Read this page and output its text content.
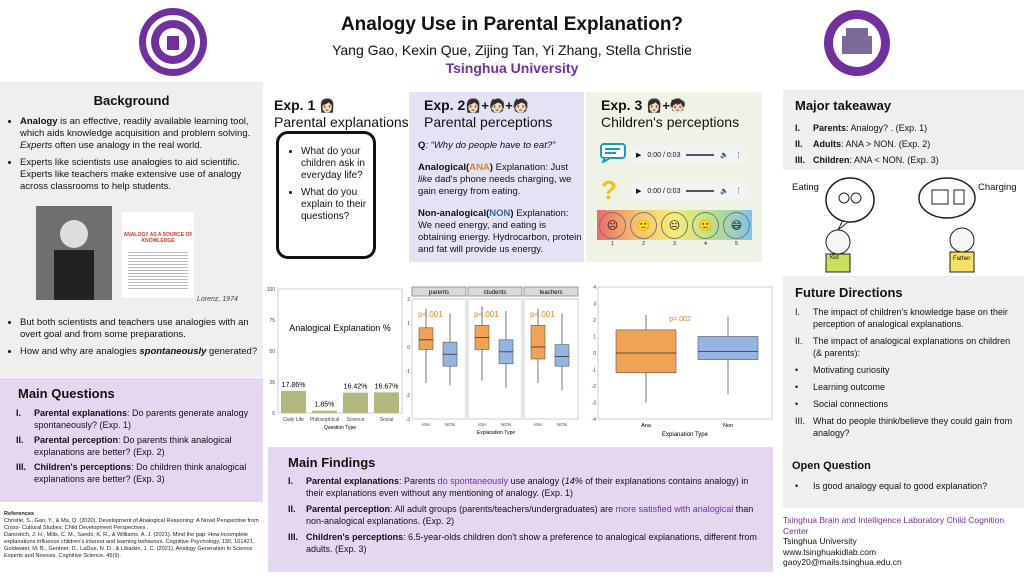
Analogy Use in Parental Explanation?
Yang Gao, Kexin Que, Zijing Tan, Yi Zhang, Stella Christie
Tsinghua University
Background
• Analogy is an effective, readily available learning tool, which aids knowledge acquisition and problem solving. Experts often use analogy in the real world.
• Experts like scientists use analogies to aid scientific. Experts like teachers make extensive use of analogy across classrooms to help students.
ANALOGY AS A SOURCE OF KNOWLEDGE
Lorenz, 1974
• But both scientists and teachers use analogies with an overt goal and from some preparations.
• How and why are analogies spontaneously generated?
Main Questions
I.	Parental explanations: Do parents generate analogy spontaneously? (Exp. 1)
II.	Parental perception: Do parents think analogical explanations are better? (Exp. 2)
III. Children's perceptions: Do children think analogical explanations are better? (Exp. 3)
References
Christie, S., Gao, Y., & Ma, Q. (2020). Development of Analogical Reasoning: A Novel Perspective from Cross- Cultural Studies. Child Development Perspectives .
Danovitch, J. H., Mills, C. M., Sands, K. R., & Williams, A. J. (2021). Mind the gap: How incomplete explanations influence children's interest and learning behaviors. Cognitive Psychology, 130, 101421.
Goldwater, M. B., Gentner, D., LaDue, N. D., & Libarkin, J. C. (2021). Analogy Generation in Science Experts and Novices. Cognitive Science, 45(9).
Exp. 1 👩🏻
Parental explanations
• What do your children ask in everyday life?
• What do you explain to their questions?
Exp. 2👩🏻+🧑🏻+🧑🏻
Parental perceptions
Q: “Why do people have to eat?”
Analogical(ANA) Explanation: Just like dad's phone needs charging, we gain energy from eating.
Non-analogical(NON) Explanation: We need energy, and eating is obtaining energy. Hydrocarbon, protein and fat will provide us energy.
Exp. 3 👩🏻+🧒🏻
Children's perceptions
▶ 0:00 / 0:03	🔈 ⋮
?	▶ 0:00 / 0:03	🔈 ⋮
☹	🙁	😐	🙂	😄
1	2	3	4	5
0
25
50
75
100
Analogical Explanation %
17.86%
Daily Life
1.85%
Philosophical
16.42%
Science
16.67%
Social
Question Type
2
1
0
-1
-2
-3
parents
p<.001
ANA	NON
students
p<.001
ANA	NON
teachers
p<.001
ANA	NON
Explanation Type
4
3
2
1
0
-1
-2
-3
-4
p=.002
Ana	Non
Explanation Type
Main Findings
I.	Parental explanations: Parents do spontaneously use analogy (14% of their explanations contains analogy) in their explanations even without any mentioning of analogy. (Exp. 1)
II.	Parental perception: All adult groups (parents/teachers/undergraduates) are more satisfied with analogical than non-analogical explanations. (Exp. 2)
III. Children's perceptions: 6.5-year-olds children don't show a preference to analogical explanations, different from adults. (Exp. 3)
Major takeaway
I.	Parents: Analogy? . (Exp. 1)
II.	Adults: ANA > NON. (Exp. 2)
III. Children: ANA < NON. (Exp. 3)
Eating	Charging
Kid	Father
Future Directions
I.	The impact of children's knowledge base on their perception of analogical explanations.
II.	The impact of analogical explanations on children (& parents):
•	Motivating curiosity
•	Learning outcome
•	Social connections
III. What do people think/believe they could gain from analogy?
Open Question
•	Is good analogy equal to good explanation?
Tsinghua Brain and Intelligence Laboratory Child Cognition Center
Tsinghua University
www.tsinghuakidlab.com
gaoy20@mails.tsinghua.edu.cn
